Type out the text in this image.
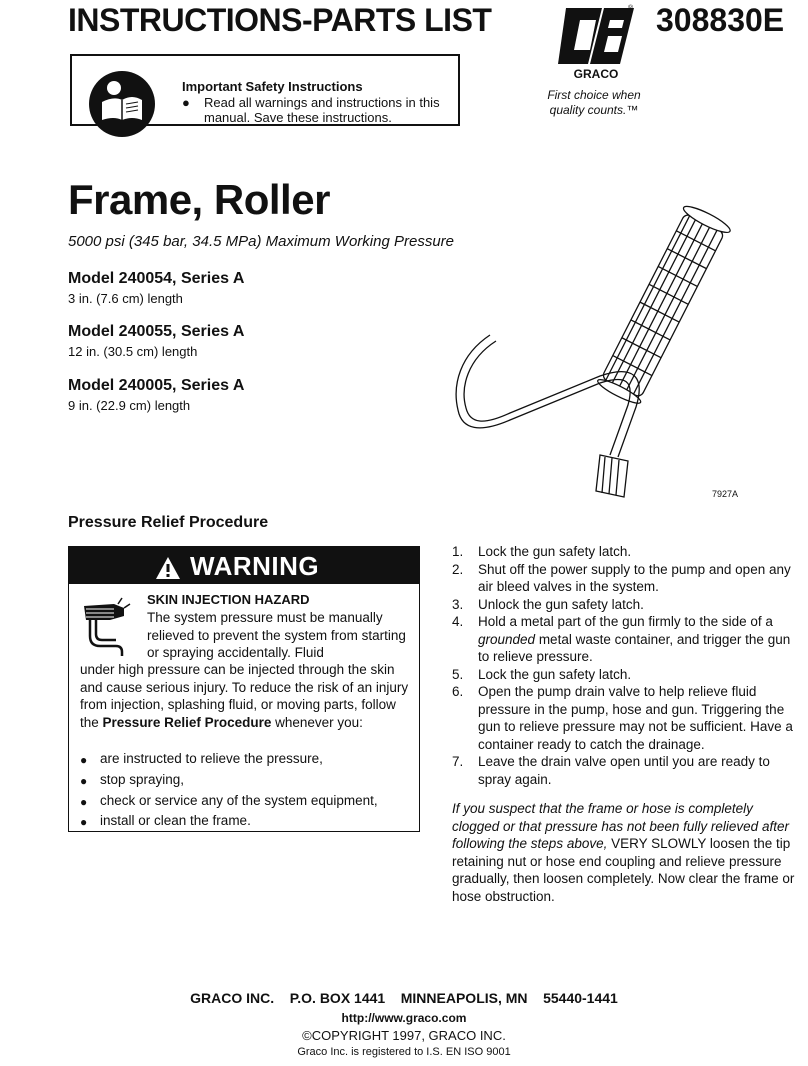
INSTRUCTIONS-PARTS LIST
GRACO
® 308830E
First choice when quality counts.™
Important Safety Instructions
● Read all warnings and instructions in this manual. Save these instructions.
Frame, Roller
5000 psi (345 bar, 34.5 MPa) Maximum Working Pressure
Model 240054, Series A
3 in. (7.6 cm) length
Model 240055, Series A
12 in. (30.5 cm) length
Model 240005, Series A
9 in. (22.9 cm) length
7927A
Pressure Relief Procedure
WARNING
SKIN INJECTION HAZARD
The system pressure must be manually relieved to prevent the system from starting or spraying accidentally. Fluid
under high pressure can be injected through the skin and cause serious injury. To reduce the risk of an injury from injection, splashing fluid, or moving parts, follow the Pressure Relief Procedure whenever you:
● are instructed to relieve the pressure,
● stop spraying,
● check or service any of the system equipment,
● install or clean the frame.
1. Lock the gun safety latch.
2. Shut off the power supply to the pump and open any air bleed valves in the system.
3. Unlock the gun safety latch.
4. Hold a metal part of the gun firmly to the side of a grounded metal waste container, and trigger the gun to relieve pressure.
5. Lock the gun safety latch.
6. Open the pump drain valve to help relieve fluid pressure in the pump, hose and gun. Triggering the gun to relieve pressure may not be sufficient. Have a container ready to catch the drainage.
7. Leave the drain valve open until you are ready to spray again.
If you suspect that the frame or hose is completely clogged or that pressure has not been fully relieved after following the steps above, VERY SLOWLY loosen the tip retaining nut or hose end coupling and relieve pressure gradually, then loosen completely. Now clear the frame or hose obstruction.
GRACO INC.    P.O. BOX 1441    MINNEAPOLIS, MN    55440-1441
http://www.graco.com
©COPYRIGHT 1997, GRACO INC.
Graco Inc. is registered to I.S. EN ISO 9001
